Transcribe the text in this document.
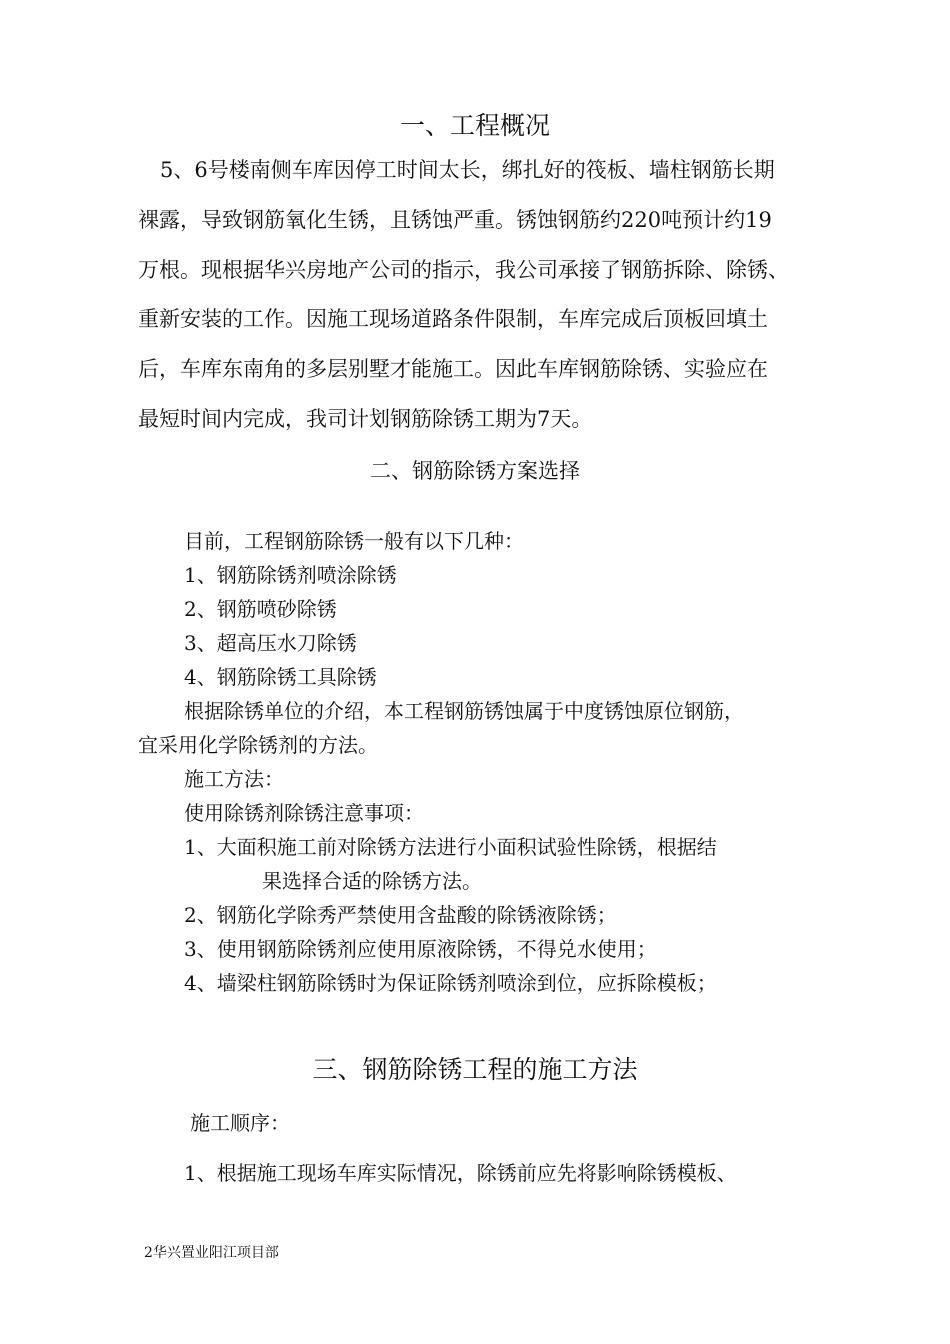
一、工程概况
5、6号楼南侧车库因停工时间太长，绑扎好的筏板、墙柱钢筋长期
裸露，导致钢筋氧化生锈，且锈蚀严重。锈蚀钢筋约220吨预计约19
万根。现根据华兴房地产公司的指示，我公司承接了钢筋拆除、除锈、
重新安装的工作。因施工现场道路条件限制，车库完成后顶板回填土
后，车库东南角的多层别墅才能施工。因此车库钢筋除锈、实验应在
最短时间内完成，我司计划钢筋除锈工期为7天。
二、钢筋除锈方案选择
目前，工程钢筋除锈一般有以下几种：
1、钢筋除锈剂喷涂除锈
2、钢筋喷砂除锈
3、超高压水刀除锈
4、钢筋除锈工具除锈
根据除锈单位的介绍，本工程钢筋锈蚀属于中度锈蚀原位钢筋，
宜采用化学除锈剂的方法。
施工方法：
使用除锈剂除锈注意事项：
1、大面积施工前对除锈方法进行小面积试验性除锈，根据结
果选择合适的除锈方法。
2、钢筋化学除秀严禁使用含盐酸的除锈液除锈；
3、使用钢筋除锈剂应使用原液除锈，不得兑水使用；
4、墙梁柱钢筋除锈时为保证除锈剂喷涂到位，应拆除模板；
三、钢筋除锈工程的施工方法
施工顺序：
1、根据施工现场车库实际情况，除锈前应先将影响除锈模板、
2华兴置业阳江项目部
